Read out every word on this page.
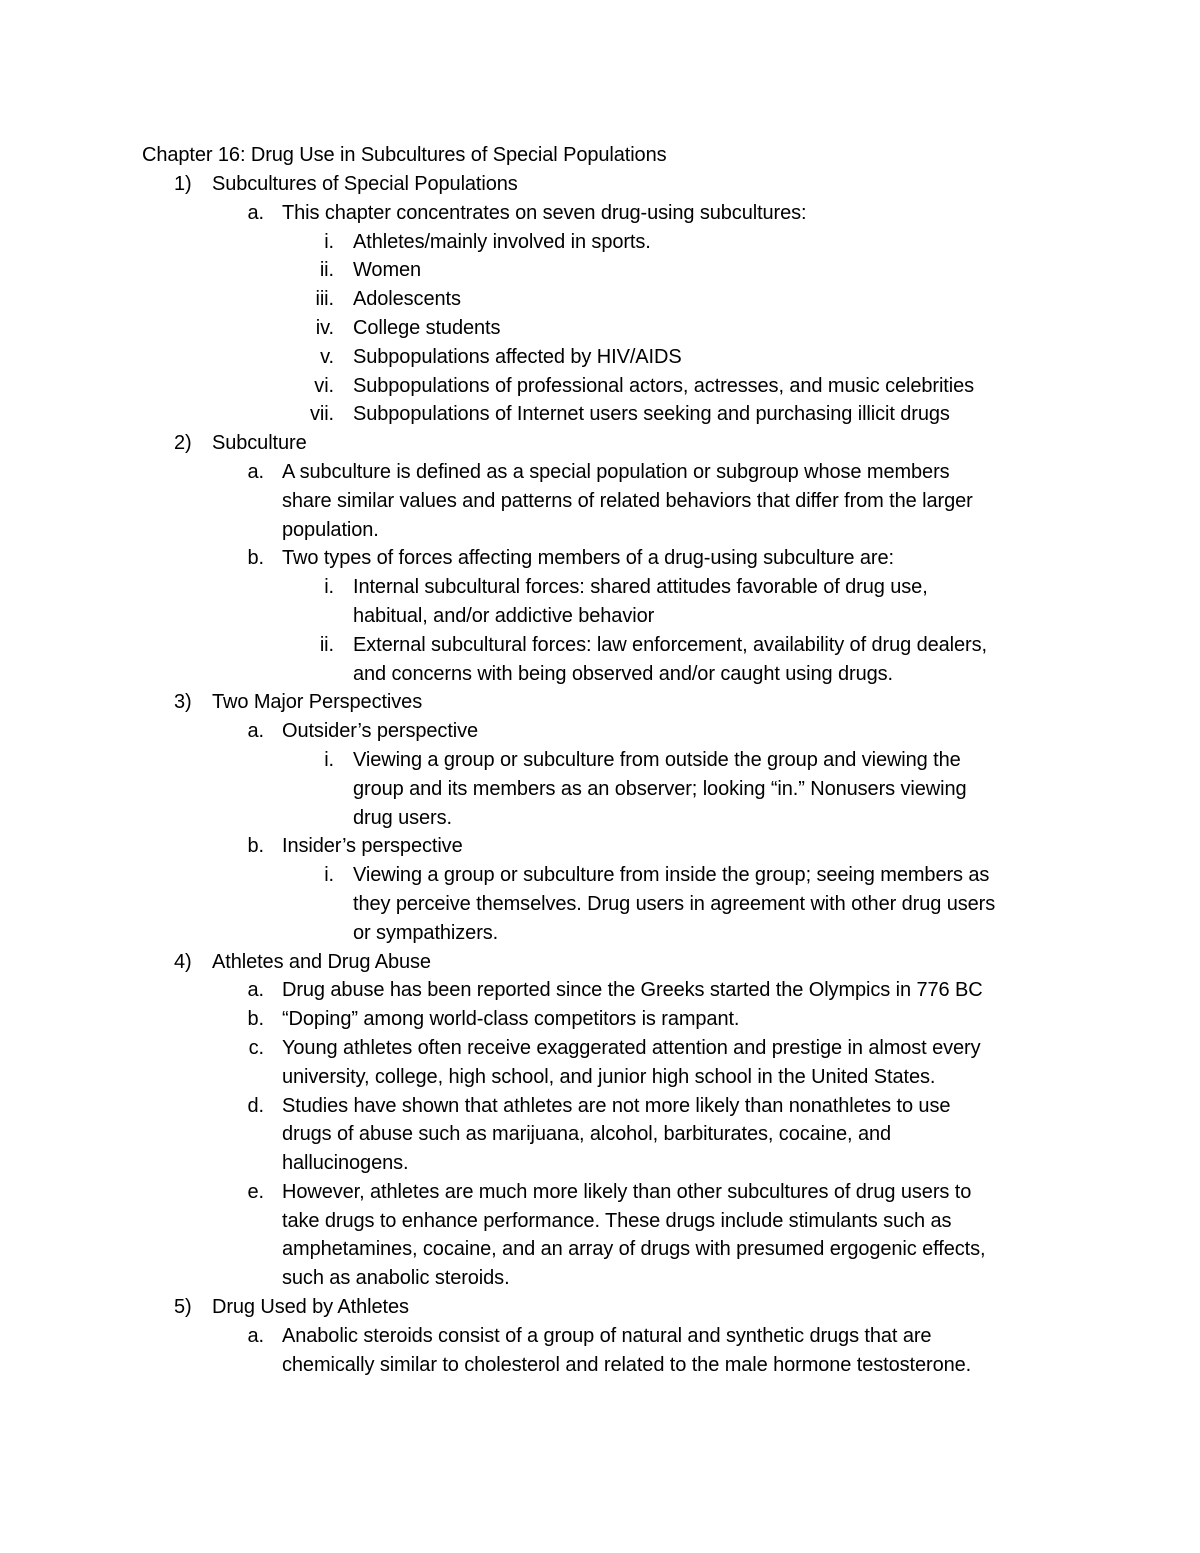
Chapter 16: Drug Use in Subcultures of Special Populations
1)	Subcultures of Special Populations
a. This chapter concentrates on seven drug-using subcultures:
i. Athletes/mainly involved in sports.
ii. Women
iii. Adolescents
iv. College students
v. Subpopulations affected by HIV/AIDS
vi. Subpopulations of professional actors, actresses, and music celebrities
vii. Subpopulations of Internet users seeking and purchasing illicit drugs
2)	Subculture
a. A subculture is defined as a special population or subgroup whose members
share similar values and patterns of related behaviors that differ from the larger
population.
b. Two types of forces affecting members of a drug-using subculture are:
i. Internal subcultural forces: shared attitudes favorable of drug use,
habitual, and/or addictive behavior
ii. External subcultural forces: law enforcement, availability of drug dealers,
and concerns with being observed and/or caught using drugs.
3)	Two Major Perspectives
a. Outsider’s perspective
i. Viewing a group or subculture from outside the group and viewing the
group and its members as an observer; looking “in.” Nonusers viewing
drug users.
b. Insider’s perspective
i. Viewing a group or subculture from inside the group; seeing members as
they perceive themselves. Drug users in agreement with other drug users
or sympathizers.
4)	Athletes and Drug Abuse
a. Drug abuse has been reported since the Greeks started the Olympics in 776 BC
b. “Doping” among world-class competitors is rampant.
c. Young athletes often receive exaggerated attention and prestige in almost every
university, college, high school, and junior high school in the United States.
d. Studies have shown that athletes are not more likely than nonathletes to use
drugs of abuse such as marijuana, alcohol, barbiturates, cocaine, and
hallucinogens.
e. However, athletes are much more likely than other subcultures of drug users to
take drugs to enhance performance. These drugs include stimulants such as
amphetamines, cocaine, and an array of drugs with presumed ergogenic effects,
such as anabolic steroids.
5)	Drug Used by Athletes
a. Anabolic steroids consist of a group of natural and synthetic drugs that are
chemically similar to cholesterol and related to the male hormone testosterone.
